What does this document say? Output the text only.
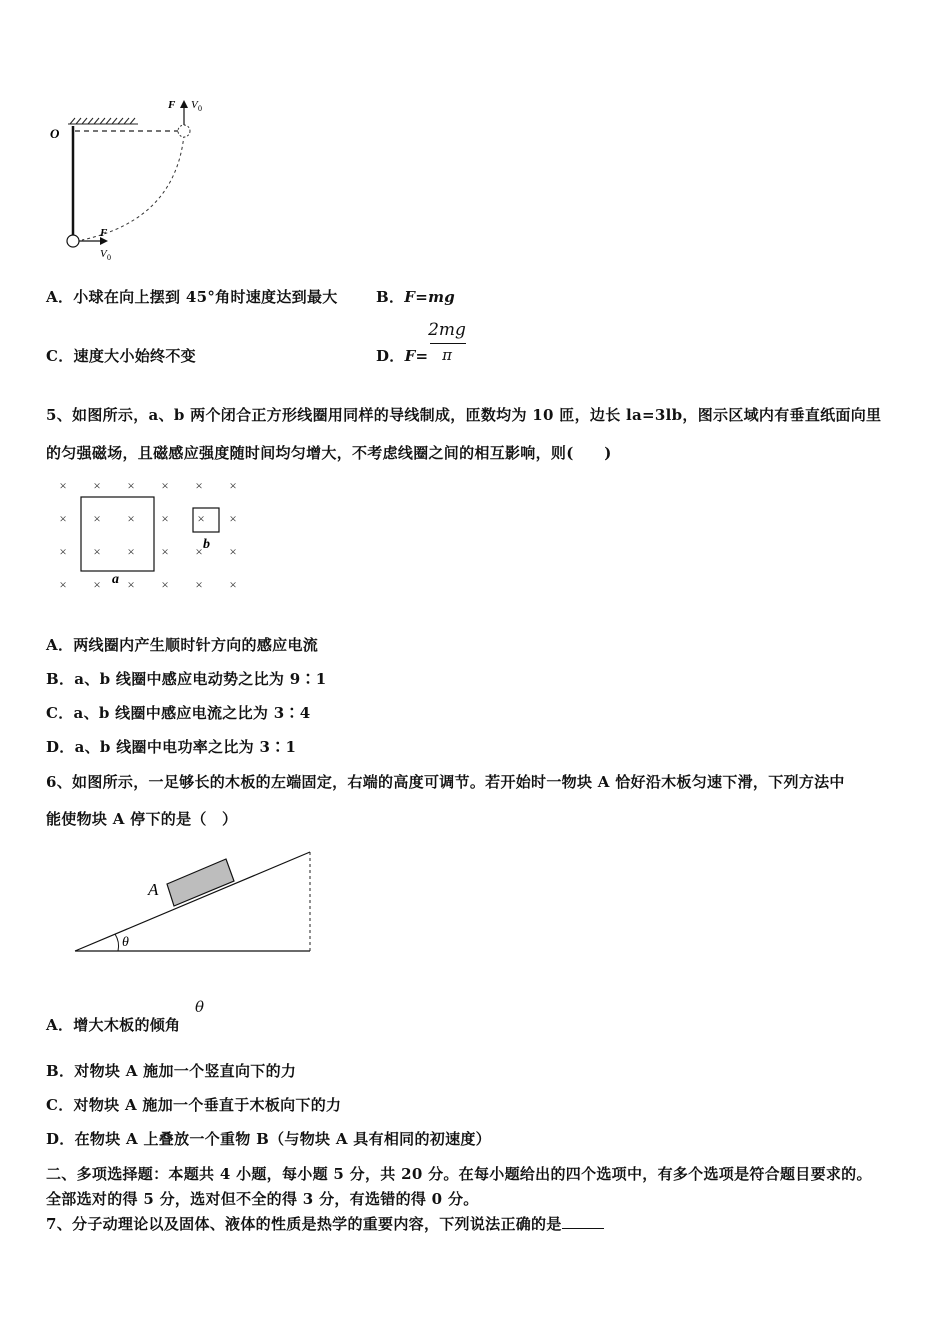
O
F V 0
F
V 0
A．小球在向上摆到 45°角时速度达到最大	B．F=mg
C．速度大小始终不变	D．F=
2mg
π
5、如图所示，a、b 两个闭合正方形线圈用同样的导线制成，匝数均为 10 匝，边长 la=3lb，图示区域内有垂直纸面向里
的匀强磁场，且磁感应强度随时间均匀增大，不考虑线圈之间的相互影响，则(　　)
× × × × × ×
× × × × × ×
× × × × × ×
× × × × × ×
a
b
A．两线圈内产生顺时针方向的感应电流
B．a、b 线圈中感应电动势之比为 9∶1
C．a、b 线圈中感应电流之比为 3∶4
D．a、b 线圈中电功率之比为 3∶1
6、如图所示，一足够长的木板的左端固定，右端的高度可调节。若开始时一物块 A 恰好沿木板匀速下滑，下列方法中
能使物块 A 停下的是（　）
A
θ
A．增大木板的倾角
θ
B．对物块 A 施加一个竖直向下的力
C．对物块 A 施加一个垂直于木板向下的力
D．在物块 A 上叠放一个重物 B（与物块 A 具有相同的初速度）
二、多项选择题：本题共 4 小题，每小题 5 分，共 20 分。在每小题给出的四个选项中，有多个选项是符合题目要求的。
全部选对的得 5 分，选对但不全的得 3 分，有选错的得 0 分。
7、分子动理论以及固体、液体的性质是热学的重要内容，下列说法正确的是
